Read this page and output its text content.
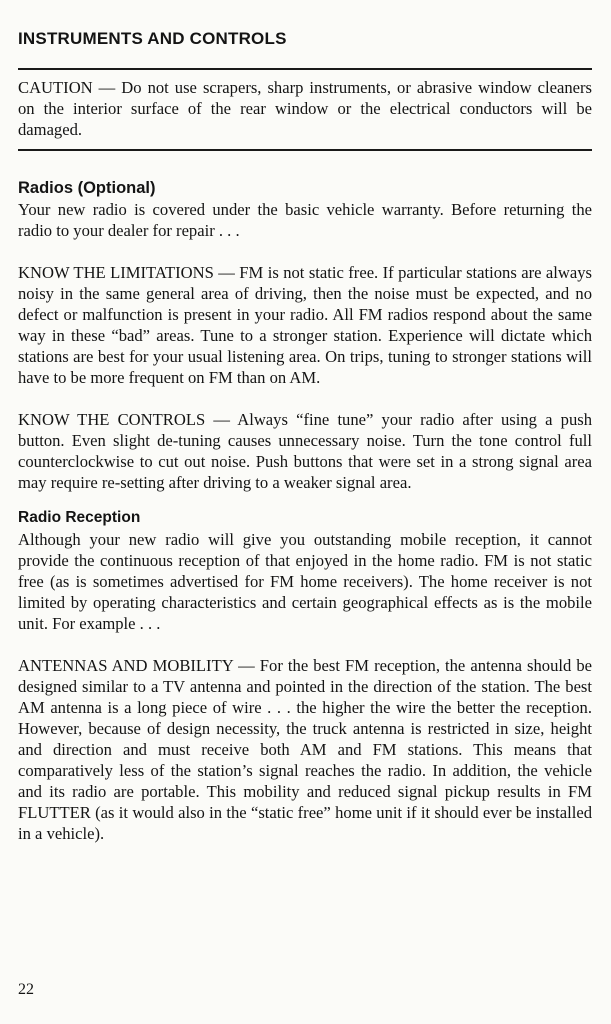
INSTRUMENTS AND CONTROLS
CAUTION — Do not use scrapers, sharp instruments, or abrasive window cleaners on the interior surface of the rear window or the electrical conductors will be damaged.
Radios (Optional)

Your new radio is covered under the basic vehicle warranty. Before returning the radio to your dealer for repair . . .

KNOW THE LIMITATIONS — FM is not static free. If particular stations are always noisy in the same general area of driving, then the noise must be expected, and no defect or malfunction is present in your radio. All FM radios respond about the same way in these “bad” areas. Tune to a stronger station. Experience will dictate which stations are best for your usual listening area. On trips, tuning to stronger stations will have to be more frequent on FM than on AM.

KNOW THE CONTROLS — Always “fine tune” your radio after using a push button. Even slight de-tuning causes unnecessary noise. Turn the tone control full counterclockwise to cut out noise. Push buttons that were set in a strong signal area may require re-setting after driving to a weaker signal area.

Radio Reception

Although your new radio will give you outstanding mobile reception, it cannot provide the continuous reception of that enjoyed in the home radio. FM is not static free (as is sometimes advertised for FM home receivers). The home receiver is not limited by operating characteristics and certain geographical effects as is the mobile unit. For example . . .

ANTENNAS AND MOBILITY — For the best FM reception, the antenna should be designed similar to a TV antenna and pointed in the direction of the station. The best AM antenna is a long piece of wire . . . the higher the wire the better the reception. However, because of design necessity, the truck antenna is restricted in size, height and direction and must receive both AM and FM stations. This means that comparatively less of the station’s signal reaches the radio. In addition, the vehicle and its radio are portable. This mobility and reduced signal pickup results in FM FLUTTER (as it would also in the “static free” home unit if it should ever be installed in a vehicle).

22
